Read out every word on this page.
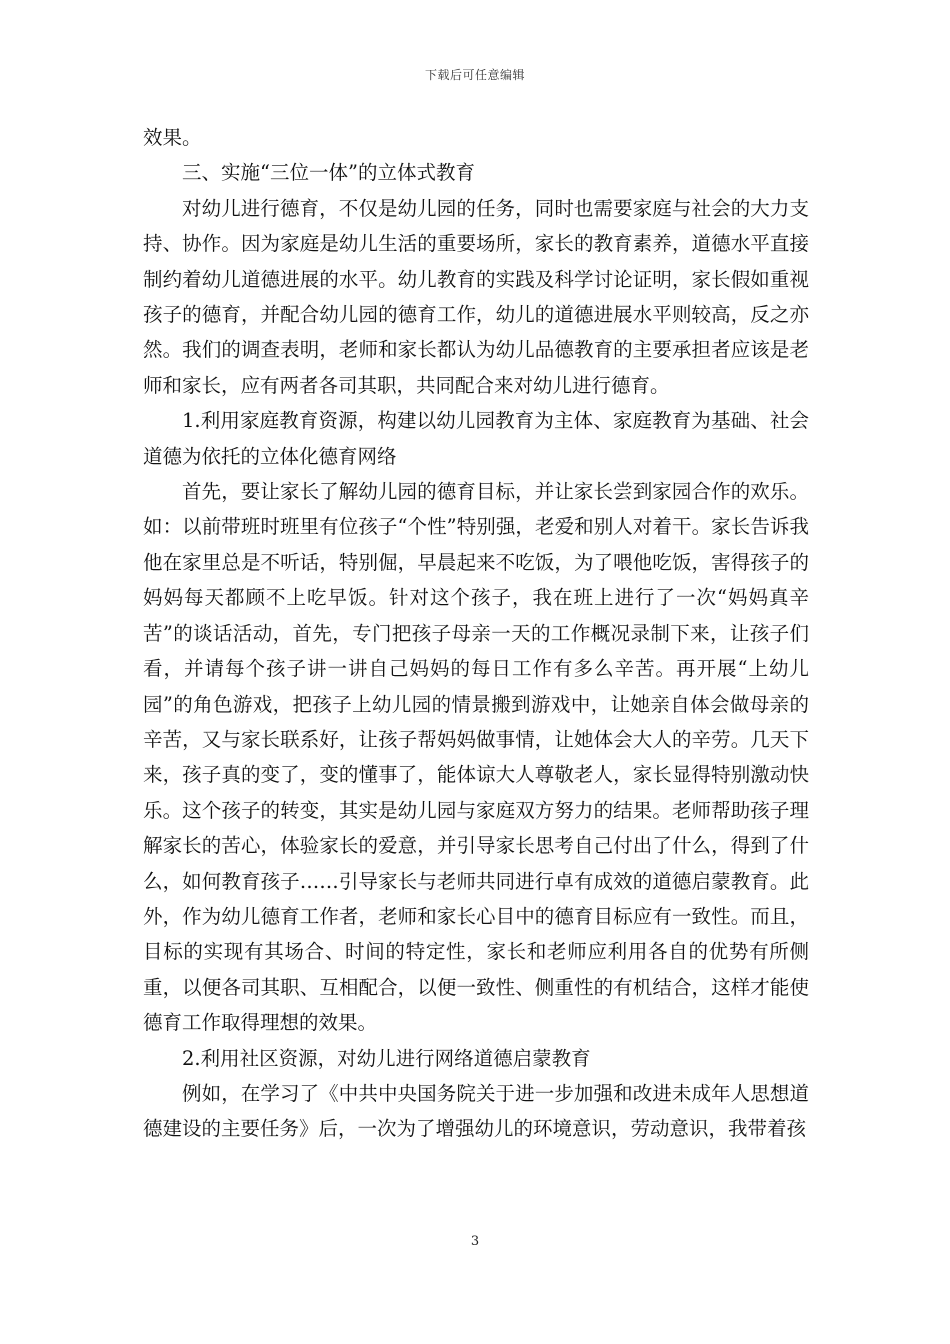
下载后可任意编辑

效果。

三、实施“三位一体”的立体式教育

对幼儿进行德育，不仅是幼儿园的任务，同时也需要家庭与社会的大力支持、协作。因为家庭是幼儿生活的重要场所，家长的教育素养，道德水平直接制约着幼儿道德进展的水平。幼儿教育的实践及科学讨论证明，家长假如重视孩子的德育，并配合幼儿园的德育工作，幼儿的道德进展水平则较高，反之亦然。我们的调查表明，老师和家长都认为幼儿品德教育的主要承担者应该是老师和家长，应有两者各司其职，共同配合来对幼儿进行德育。

1.利用家庭教育资源，构建以幼儿园教育为主体、家庭教育为基础、社会道德为依托的立体化德育网络

首先，要让家长了解幼儿园的德育目标，并让家长尝到家园合作的欢乐。如：以前带班时班里有位孩子“个性”特别强，老爱和别人对着干。家长告诉我他在家里总是不听话，特别倔，早晨起来不吃饭，为了喂他吃饭，害得孩子的妈妈每天都顾不上吃早饭。针对这个孩子，我在班上进行了一次“妈妈真辛苦”的谈话活动，首先，专门把孩子母亲一天的工作概况录制下来，让孩子们看，并请每个孩子讲一讲自己妈妈的每日工作有多么辛苦。再开展“上幼儿园”的角色游戏，把孩子上幼儿园的情景搬到游戏中，让她亲自体会做母亲的辛苦，又与家长联系好，让孩子帮妈妈做事情，让她体会大人的辛劳。几天下来，孩子真的变了，变的懂事了，能体谅大人尊敬老人，家长显得特别激动快乐。这个孩子的转变，其实是幼儿园与家庭双方努力的结果。老师帮助孩子理解家长的苦心，体验家长的爱意，并引导家长思考自己付出了什么，得到了什么，如何教育孩子……引导家长与老师共同进行卓有成效的道德启蒙教育。此外，作为幼儿德育工作者，老师和家长心目中的德育目标应有一致性。而且，目标的实现有其场合、时间的特定性，家长和老师应利用各自的优势有所侧重，以便各司其职、互相配合，以便一致性、侧重性的有机结合，这样才能使德育工作取得理想的效果。

2.利用社区资源，对幼儿进行网络道德启蒙教育

例如，在学习了《中共中央国务院关于进一步加强和改进未成年人思想道德建设的主要任务》后，一次为了增强幼儿的环境意识，劳动意识，我带着孩

3
